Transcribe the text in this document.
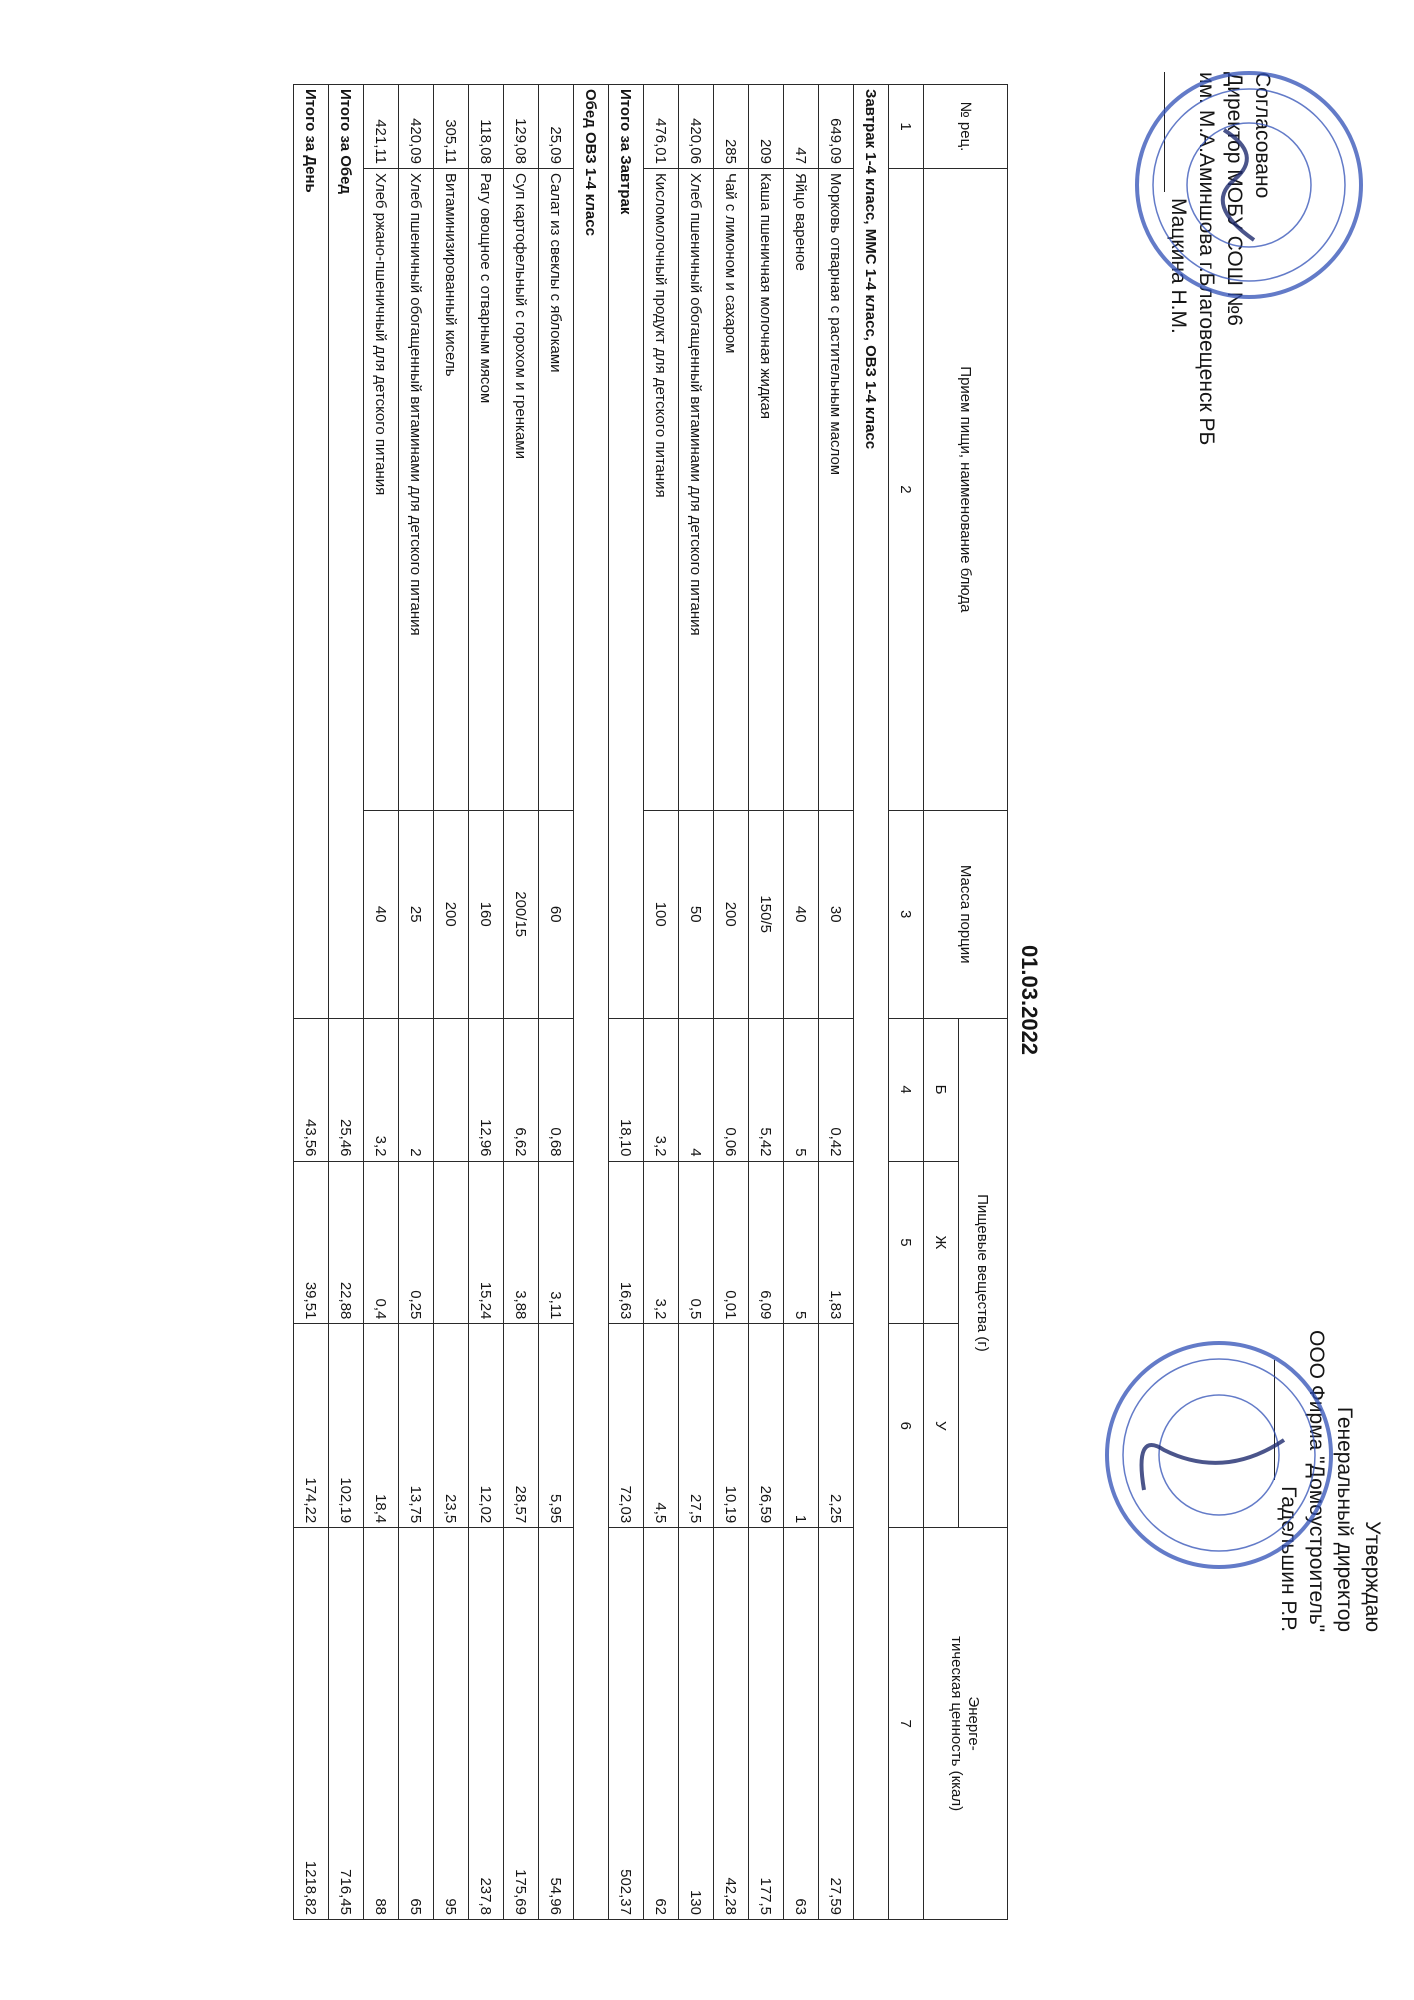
Согласовано
Директор МОБУ СОШ №6
им. М.А.Аминшова г.Благовещенск РБ
Мацкина Н.М.
Утверждаю
Генеральный директор
ООО Фирма "Домоустроитель"
Гадельшин Р.Р.
01.03.2022
№ рец.	Прием пищи, наименование блюда	Масса порции	Пищевые вещества (г)			Энерге-
тическая ценность (ккал)

			Б	Ж	У	
1	2	3	4	5	6	7
Завтрак 1-4 класс, ММС 1-4 класс, ОВЗ 1-4 класс						
649,09	Морковь отварная с растительным маслом	30	0,42	1,83	2,25	27,59
47	Яйцо вареное	40	5	5	1	63
209	Каша пшеничная молочная жидкая	150/5	5,42	6,09	26,59	177,5
285	Чай с лимоном и сахаром	200	0,06	0,01	10,19	42,28
420,06	Хлеб пшеничный обогащенный витаминами для детского питания	50	4	0,5	27,5	130
476,01	Кисломолочный продукт для детского питания	100	3,2	3,2	4,5	62
Итого за Завтрак			18,10	16,63	72,03	502,37
Обед ОВЗ 1-4 класс						
25,09	Салат из свеклы с яблоками	60	0,68	3,11	5,95	54,96
129,08	Суп картофельный с горохом и гренками	200/15	6,62	3,88	28,57	175,69
118,08	Рагу овощное с отварным мясом	160	12,96	15,24	12,02	237,8
305,11	Витаминизированный кисель	200			23,5	95
420,09	Хлеб пшеничный обогащенный витаминами для детского питания	25	2	0,25	13,75	65
421,11	Хлеб ржано-пшеничный для детского питания	40	3,2	0,4	18,4	88
Итого за Обед			25,46	22,88	102,19	716,45
Итого за День			43,56	39,51	174,22	1218,82
